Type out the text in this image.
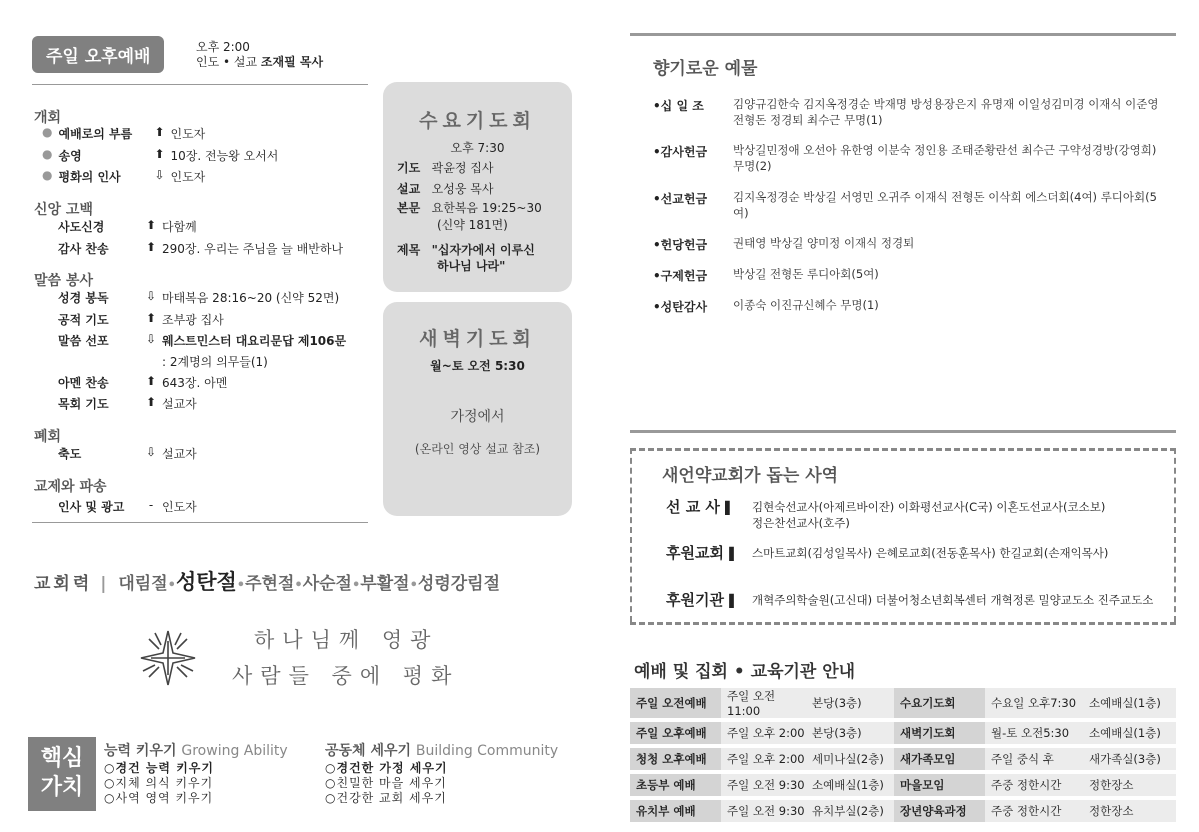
주일 오후예배	오후 2:00
인도 • 설교 조재필 목사
개회
● 예배로의 부름	⬆ 인도자
● 송영	⬆ 10장. 전능왕 오서서
● 평화의 인사	⇩ 인도자
신앙 고백
사도신경	⬆ 다함께
감사 찬송	⬆ 290장. 우리는 주님을 늘 배반하나
말씀 봉사
성경 봉독	⇩ 마태복음 28:16~20 (신약 52면)
공적 기도	⬆ 조부광 집사
말씀 선포	⇩ 웨스트민스터 대요리문답 제106문
: 2계명의 의무들(1)
아멘 찬송	⬆ 643장. 아멘
목회 기도	⬆ 설교자
폐회
축도	⇩ 설교자
교제와 파송
인사 및 광고	- 인도자
수요기도회
오후 7:30
기도 곽윤정 집사
설교 오성웅 목사
본문 요한복음 19:25~30
(신약 181면)
제목 "십자가에서 이루신
하나님 나라"
새벽기도회
월~토 오전 5:30
가정에서
(온라인 영상 설교 참조)
교회력 | 대림절•성탄절•주현절•사순절•부활절•성령강림절
하나님께 영광
사람들 중에 평화
핵심
가치
능력 키우기 Growing Ability
○경건 능력 키우기
○지체 의식 키우기
○사역 영역 키우기
공동체 세우기 Building Community
○경건한 가정 세우기
○친밀한 마을 세우기
○건강한 교회 세우기
향기로운 예물
•십 일 조	김양규김한숙 김지옥정경순 박재명 방성용장은지 유명재 이일성김미경 이재식 이준영
전형돈 정경퇴 최수근 무명(1)
•감사헌금 박상길민정애 오선아 유한영 이분숙 정인용 조태준황란선 최수근 구약성경방(강영희)
무명(2)
•선교헌금 김지옥정경순 박상길 서영민 오귀주 이재식 전형돈 이삭희 에스더회(4여) 루디아회(5
여)
•헌당헌금 권태영 박상길 양미정 이재식 정경퇴
•구제헌금 박상길 전형돈 루디아회(5여)
•성탄감사 이종숙 이진규신혜수 무명(1)
새언약교회가 돕는 사역
선 교 사 ▌ 김현숙선교사(아제르바이잔) 이화평선교사(C국) 이혼도선교사(코소보)
정은찬선교사(호주)
후원교회 ▌ 스마트교회(김성일목사) 은혜로교회(전동훈목사) 한길교회(손재익목사)
후원기관 ▌ 개혁주의학술원(고신대) 더불어청소년회복센터 개혁정론 밀양교도소 진주교도소
예배 및 집회 • 교육기관 안내
주일 오전예배	주일 오전11:00	본당(3층)	수요기도회	수요일 오후7:30	소예배실(1층)
주일 오후예배	주일 오후 2:00	본당(3층)	새벽기도회	월-토 오전5:30	소예배실(1층)
청청 오후예배	주일 오후 2:00	세미나실(2층)	새가족모임	주일 중식 후	새가족실(3층)
초등부 예배	주일 오전 9:30	소예배실(1층)	마을모임	주중 정한시간	정한장소
유치부 예배	주일 오전 9:30	유치부실(2층)	장년양육과정	주중 정한시간	정한장소
